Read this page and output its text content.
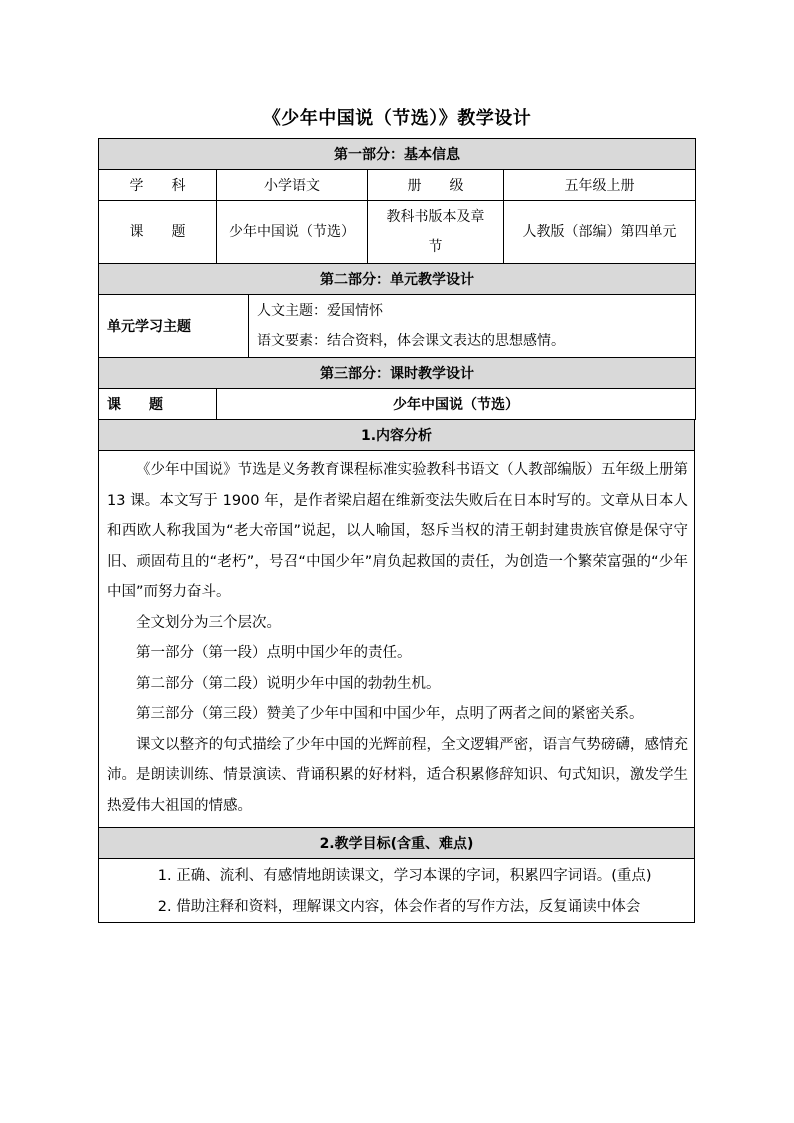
《少年中国说（节选）》教学设计
第一部分：基本信息			
学　　科	小学语文	册　　级	五年级上册
课　　题	少年中国说（节选）	教科书版本及章节	人教版（部编）第四单元
第二部分：单元教学设计
单元学习主题	
人文主题：爱国情怀
语文要素：结合资料，体会课文表达的思想感情。
第三部分：课时教学设计
课　　题	少年中国说（节选）
1.内容分析

《少年中国说》节选是义务教育课程标准实验教科书语文（人教部编版）五年级上册第 13 课。本文写于 1900 年，是作者梁启超在维新变法失败后在日本时写的。文章从日本人和西欧人称我国为“老大帝国”说起，以人喻国，怒斥当权的清王朝封建贵族官僚是保守守旧、顽固苟且的“老朽”，号召“中国少年”肩负起救国的责任，为创造一个繁荣富强的“少年中国”而努力奋斗。

全文划分为三个层次。

第一部分（第一段）点明中国少年的责任。

第二部分（第二段）说明少年中国的勃勃生机。

第三部分（第三段）赞美了少年中国和中国少年，点明了两者之间的紧密关系。

课文以整齐的句式描绘了少年中国的光辉前程，全文逻辑严密，语言气势磅礴，感情充沛。是朗读训练、情景演读、背诵积累的好材料，适合积累修辞知识、句式知识，激发学生热爱伟大祖国的情感。

2.教学目标(含重、难点)

1. 正确、流利、有感情地朗读课文，学习本课的字词，积累四字词语。(重点)

2. 借助注释和资料，理解课文内容，体会作者的写作方法，反复诵读中体会
